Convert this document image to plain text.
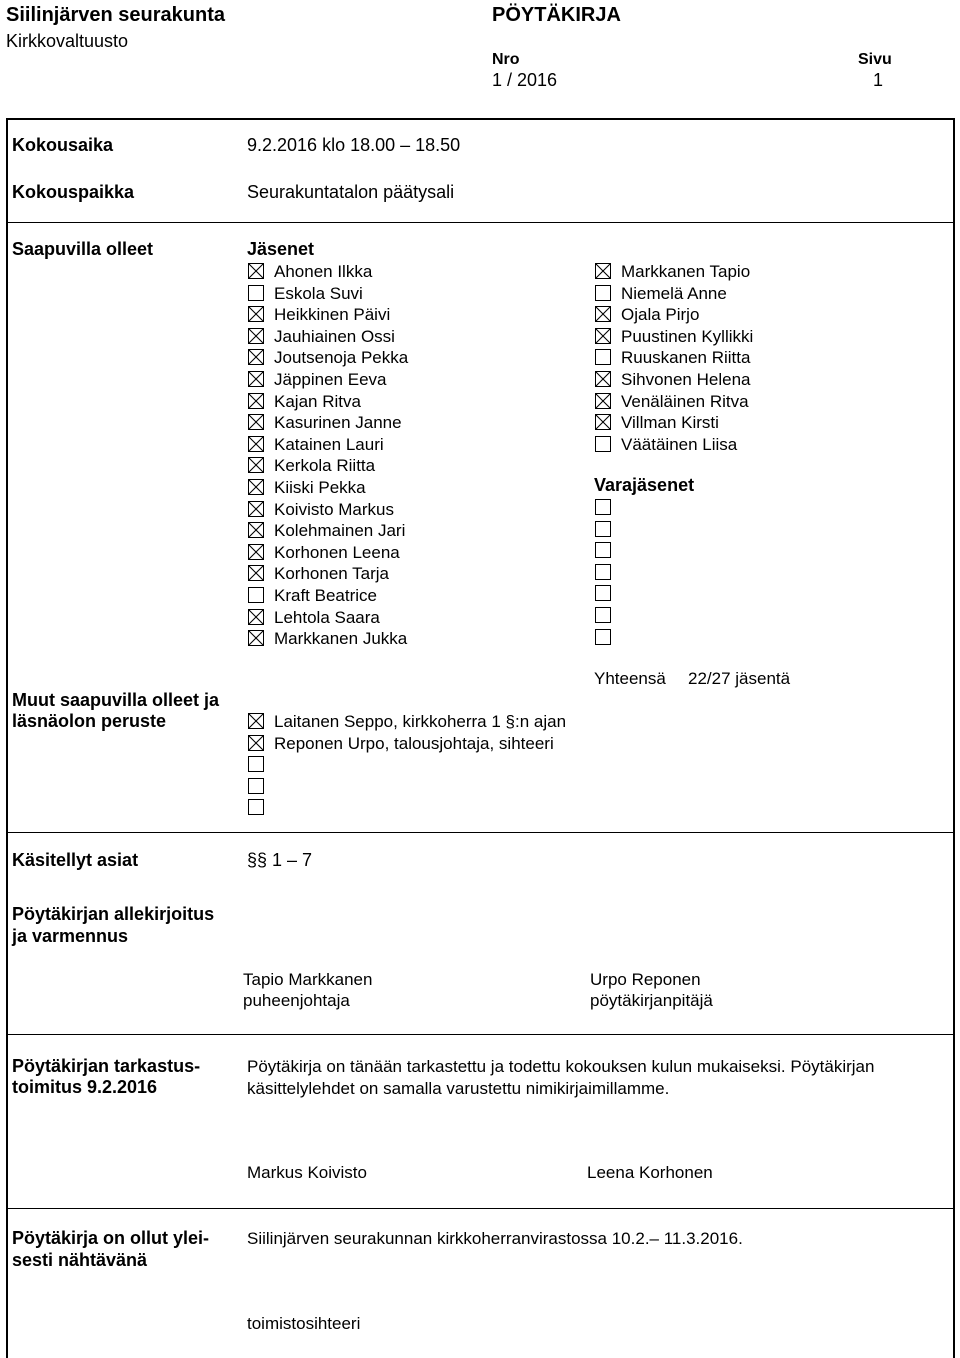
Siilinjärven seurakunta
Kirkkovaltuusto
PÖYTÄKIRJA
Nro
1 / 2016
Sivu
1
Kokousaika	9.2.2016 klo 18.00 – 18.50
Kokouspaikka	Seurakuntatalon päätysali
Saapuvilla olleet	Jäsenet
Ahonen Ilkka
Eskola Suvi
Heikkinen Päivi
Jauhiainen Ossi
Joutsenoja Pekka
Jäppinen Eeva
Kajan Ritva
Kasurinen Janne
Katainen Lauri
Kerkola Riitta
Kiiski Pekka
Koivisto Markus
Kolehmainen Jari
Korhonen Leena
Korhonen Tarja
Kraft Beatrice
Lehtola Saara
Markkanen Jukka
Markkanen Tapio
Niemelä Anne
Ojala Pirjo
Puustinen Kyllikki
Ruuskanen Riitta
Sihvonen Helena
Venäläinen Ritva
Villman Kirsti
Väätäinen Liisa
Varajäsenet
Yhteensä 22/27 jäsentä
Muut saapuvilla olleet ja
läsnäolon peruste	Laitanen Seppo, kirkkoherra 1 §:n ajan
Reponen Urpo, talousjohtaja, sihteeri
Käsitellyt asiat	§§ 1 – 7
Pöytäkirjan allekirjoitus
ja varmennus
Tapio Markkanen
puheenjohtaja
Urpo Reponen
pöytäkirjanpitäjä
Pöytäkirjan tarkastus-
toimitus 9.2.2016
Pöytäkirja on tänään tarkastettu ja todettu kokouksen kulun mukaiseksi. Pöytäkirjan
käsittelylehdet on samalla varustettu nimikirjaimillamme.
Markus Koivisto	Leena Korhonen
Pöytäkirja on ollut ylei-
sesti nähtävänä
Siilinjärven seurakunnan kirkkoherranvirastossa 10.2.– 11.3.2016.
toimistosihteeri
